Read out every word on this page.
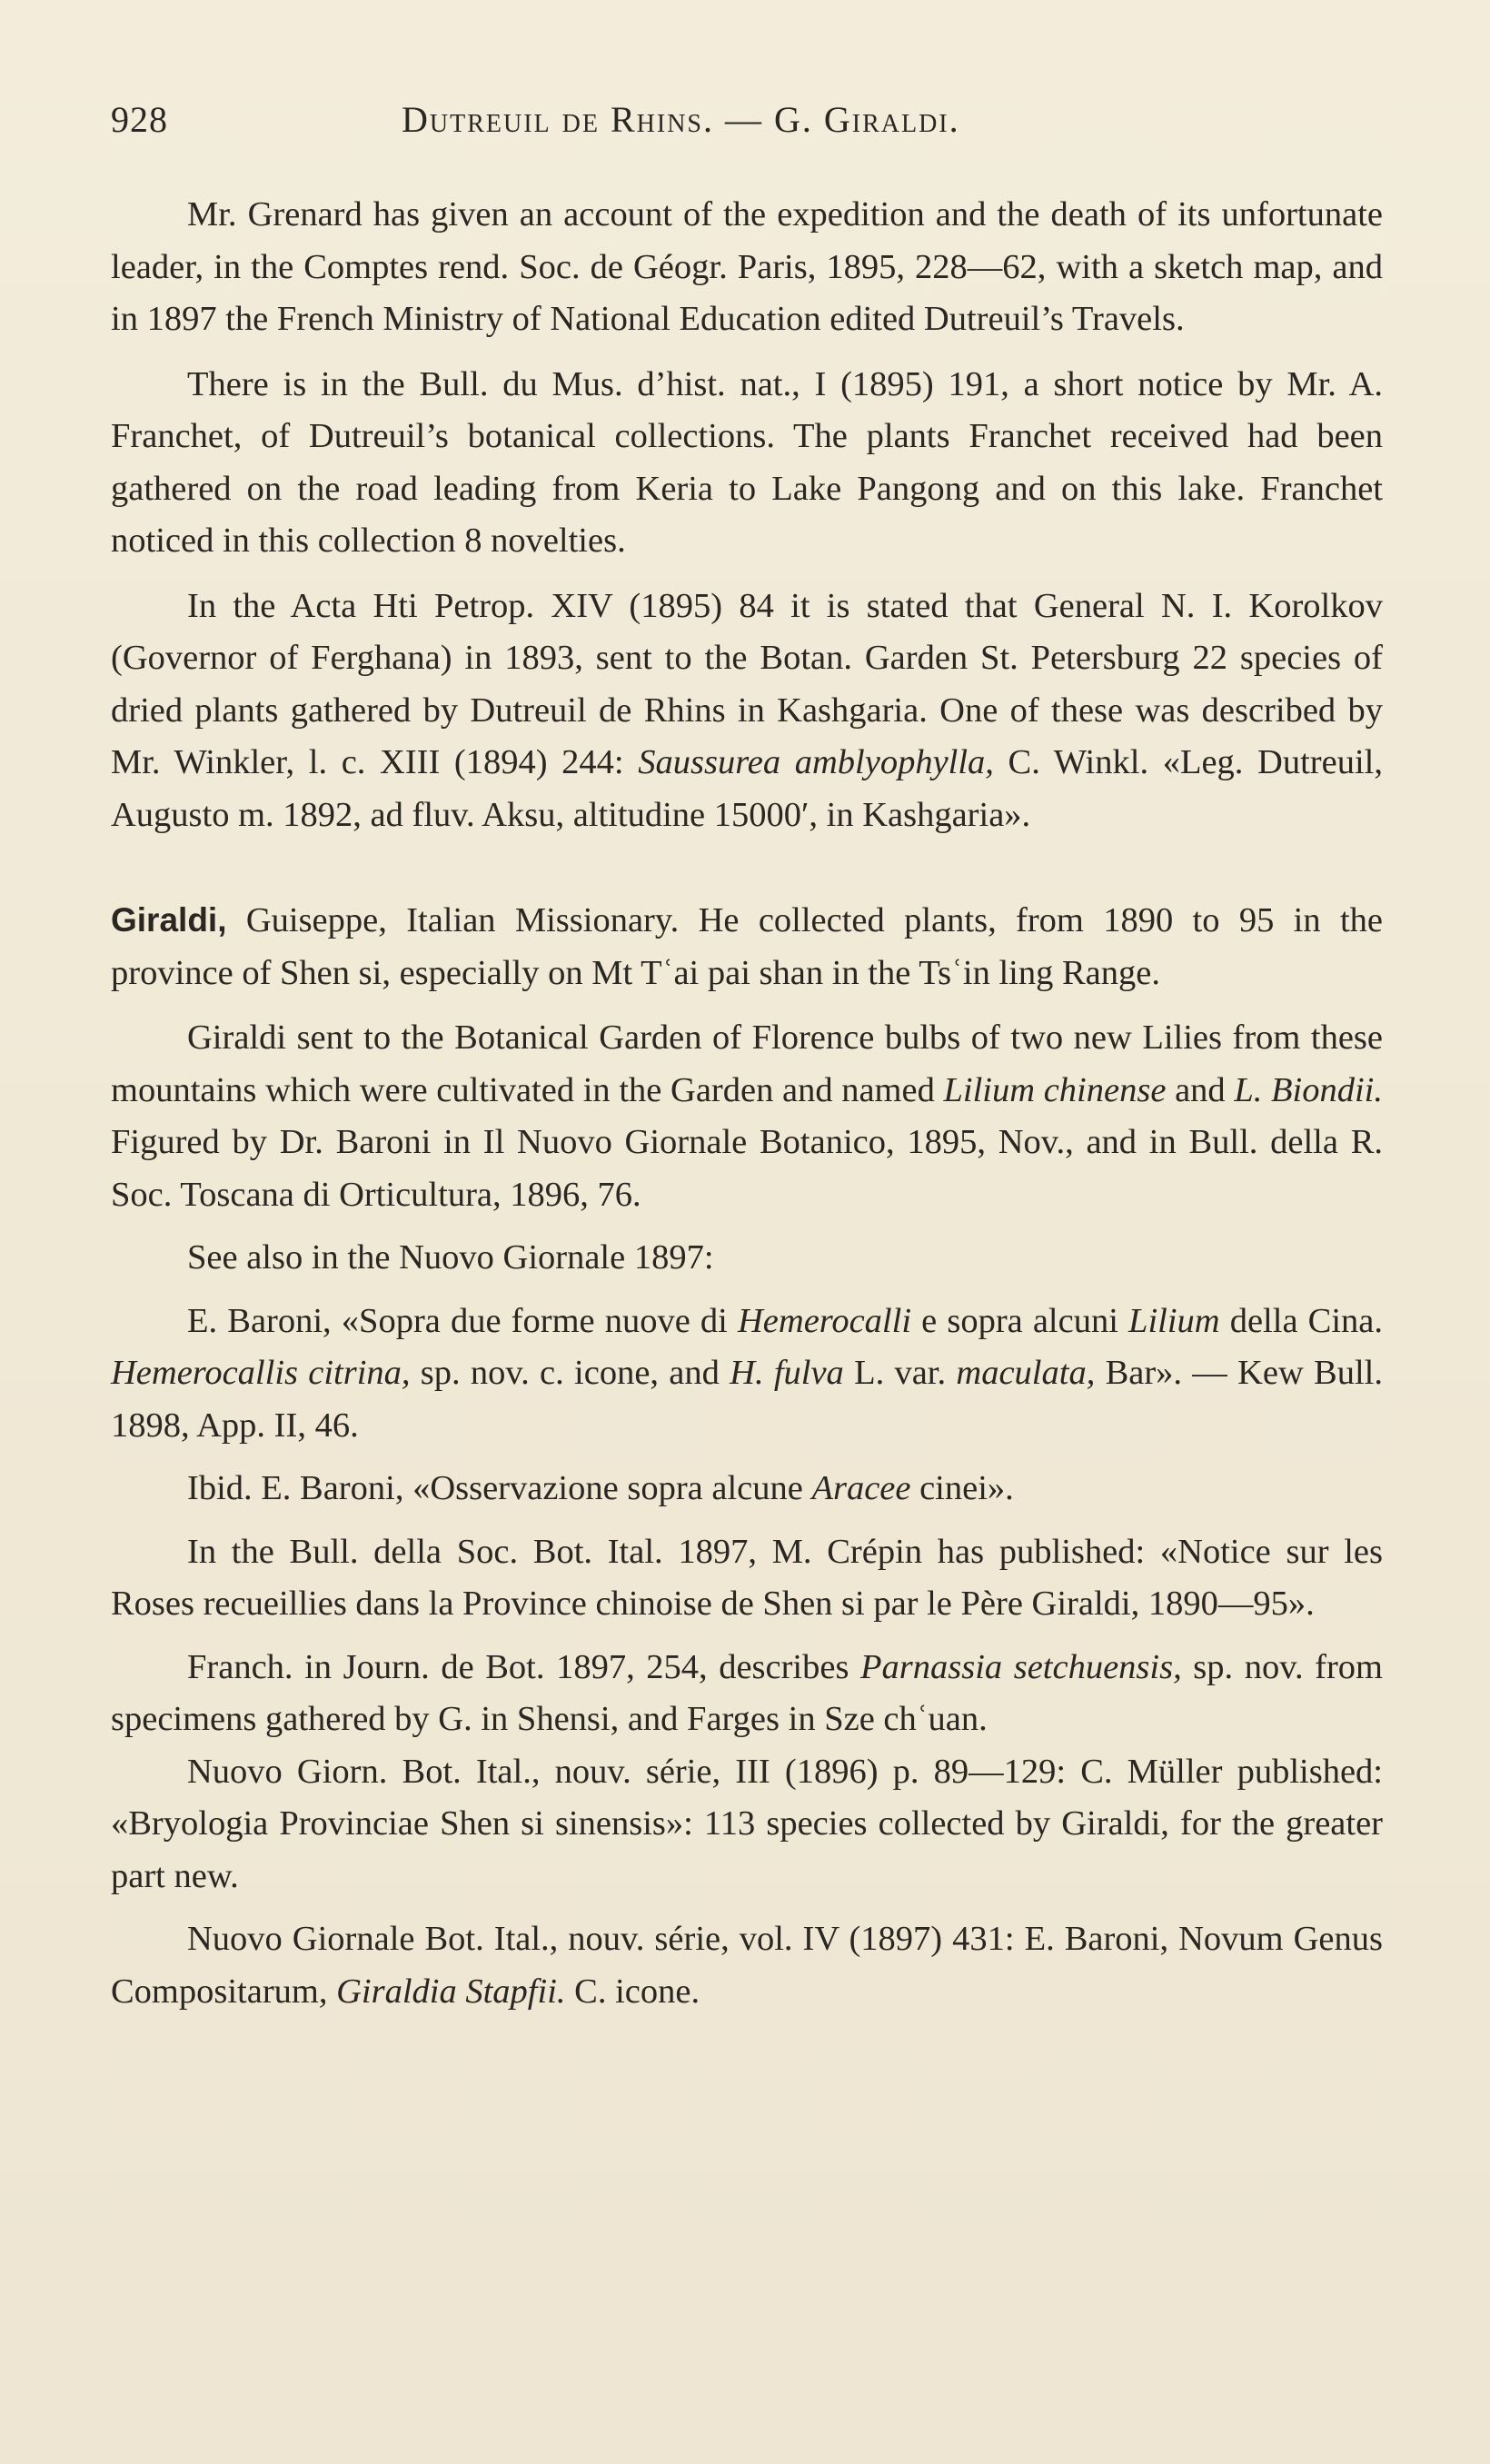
928	Dutreuil de Rhins. — G. Giraldi.

Mr. Grenard has given an account of the expedition and the death of its unfortunate leader, in the Comptes rend. Soc. de Géogr. Paris, 1895, 228—62, with a sketch map, and in 1897 the French Ministry of National Education edited Dutreuil’s Travels.

There is in the Bull. du Mus. d’hist. nat., I (1895) 191, a short notice by Mr. A. Franchet, of Dutreuil’s botanical collections. The plants Franchet received had been gathered on the road leading from Keria to Lake Pangong and on this lake. Franchet noticed in this collection 8 novelties.

In the Acta Hti Petrop. XIV (1895) 84 it is stated that General N. I. Korolkov (Governor of Ferghana) in 1893, sent to the Botan. Garden St. Petersburg 22 species of dried plants gathered by Dutreuil de Rhins in Kashgaria. One of these was described by Mr. Winkler, l. c. XIII (1894) 244: Saussurea amblyophylla, C. Winkl. «Leg. Dutreuil, Augusto m. 1892, ad fluv. Aksu, altitudine 15000′, in Kashgaria».

Giraldi, Guiseppe, Italian Missionary. He collected plants, from 1890 to 95 in the province of Shen si, especially on Mt Tʿai pai shan in the Tsʿin ling Range.

Giraldi sent to the Botanical Garden of Florence bulbs of two new Lilies from these mountains which were cultivated in the Garden and named Lilium chinense and L. Biondii. Figured by Dr. Baroni in Il Nuovo Giornale Botanico, 1895, Nov., and in Bull. della R. Soc. Toscana di Orticultura, 1896, 76.

See also in the Nuovo Giornale 1897:

E. Baroni, «Sopra due forme nuove di Hemerocalli e sopra alcuni Lilium della Cina. Hemerocallis citrina, sp. nov. c. icone, and H. fulva L. var. maculata, Bar». — Kew Bull. 1898, App. II, 46.

Ibid. E. Baroni, «Osservazione sopra alcune Aracee cinei».

In the Bull. della Soc. Bot. Ital. 1897, M. Crépin has published: «Notice sur les Roses recueillies dans la Province chinoise de Shen si par le Père Giraldi, 1890—95».

Franch. in Journ. de Bot. 1897, 254, describes Parnassia setchuensis, sp. nov. from specimens gathered by G. in Shensi, and Farges in Sze chʿuan.

Nuovo Giorn. Bot. Ital., nouv. série, III (1896) p. 89—129: C. Müller published: «Bryologia Provinciae Shen si sinensis»: 113 species collected by Giraldi, for the greater part new.

Nuovo Giornale Bot. Ital., nouv. série, vol. IV (1897) 431: E. Baroni, Novum Genus Compositarum, Giraldia Stapfii. C. icone.
